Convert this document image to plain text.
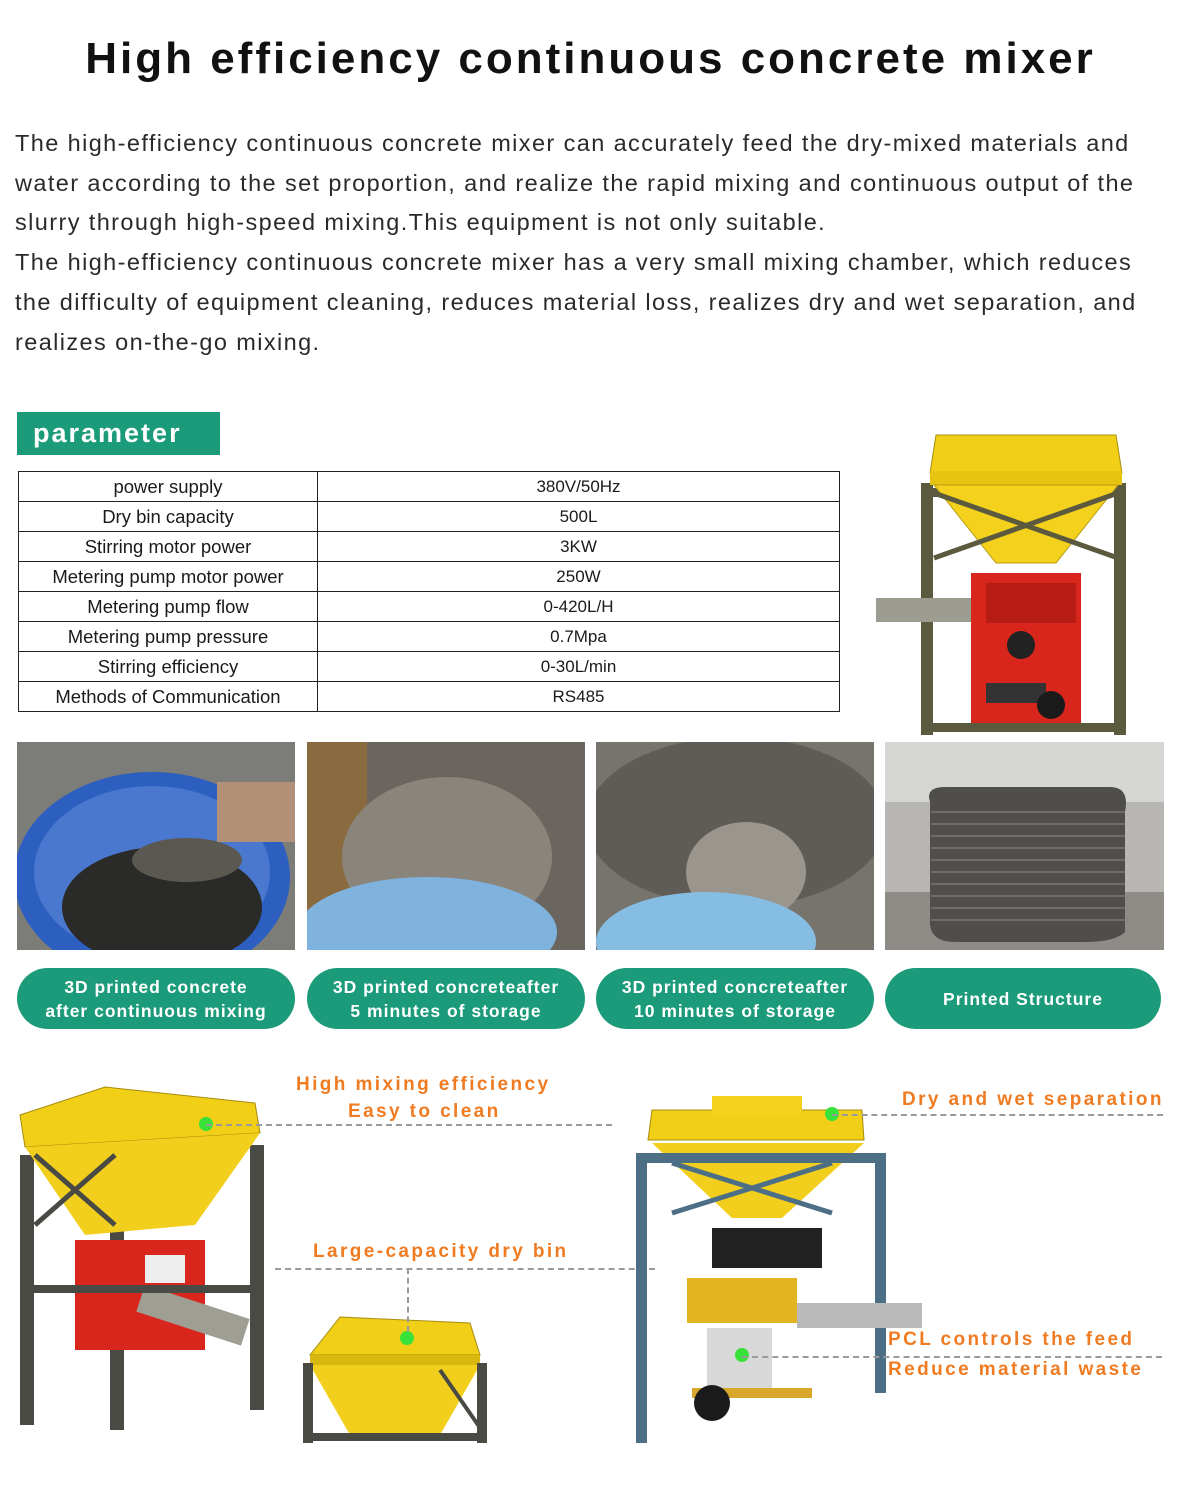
High efficiency continuous concrete mixer

The high-efficiency continuous concrete mixer can accurately feed the dry-mixed materials and water according to the set proportion, and realize the rapid mixing and continuous output of the slurry through high-speed mixing.This equipment is not only suitable.

The high-efficiency continuous concrete mixer has a very small mixing chamber, which reduces the difficulty of equipment cleaning, reduces material loss, realizes dry and wet separation, and realizes on-the-go mixing.

parameter
power supply	380V/50Hz
Dry bin capacity	500L
Stirring motor power	3KW
Metering pump motor power	250W
Metering pump flow	0-420L/H
Metering pump pressure	0.7Mpa
Stirring efficiency	0-30L/min
Methods of Communication	RS485
3D printed concrete
after continuous mixing
3D printed concreteafter
5 minutes of storage
3D printed concreteafter
10 minutes of storage
Printed Structure
High mixing efficiency
Easy to clean
Large-capacity dry bin
Dry and wet separation
PCL controls the feed
Reduce material waste
